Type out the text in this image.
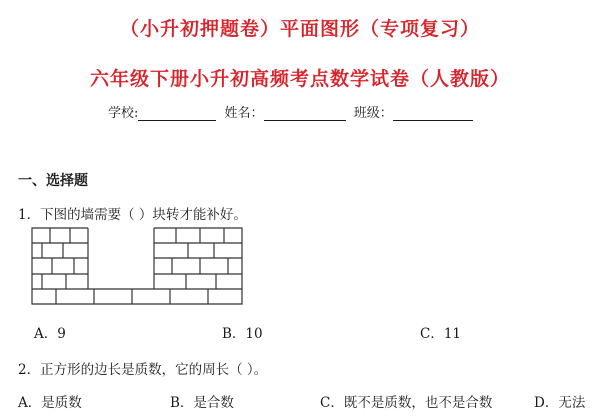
（小升初押题卷）平面图形（专项复习）
六年级下册小升初高频考点数学试卷（人教版）
学校:	姓名：	班级：
一、选择题
1．下图的墙需要（ ）块转才能补好。
A．9	B．10	C．11
2．正方形的边长是质数，它的周长（ ）。
A．是质数	B．是合数	C．既不是质数，也不是合数	D．无法
